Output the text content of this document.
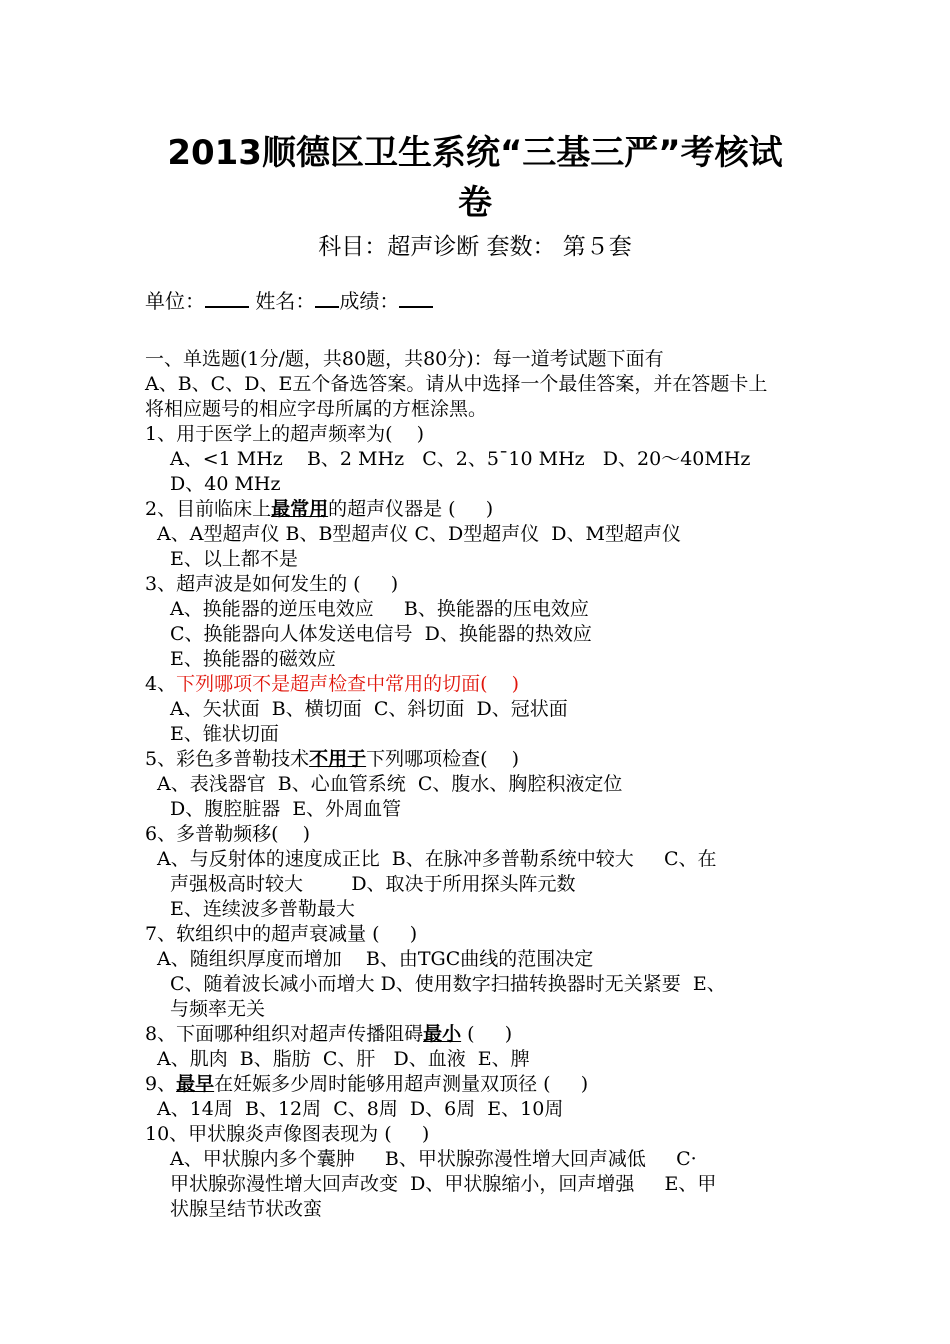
2013顺德区卫生系统“三基三严”考核试
卷
科目：超声诊断 套数： 第５套
单位：	姓名： 成绩：
一、单选题(1分/题，共80题，共80分)：每一道考试题下面有
A、B、C、D、E五个备选答案。请从中选择一个最佳答案，并在答题卡上
将相应题号的相应字母所属的方框涂黑。
1、用于医学上的超声频率为(    )
A、<1 MHz    B、2 MHz   C、2、5¯10 MHz   D、20～40MHz
D、40 MHz
2、目前临床上最常用的超声仪器是 (     )
A、A型超声仪 B、B型超声仪 C、D型超声仪  D、M型超声仪
E、以上都不是
3、超声波是如何发生的 (     )
A、换能器的逆压电效应     B、换能器的压电效应
C、换能器向人体发送电信号  D、换能器的热效应
E、换能器的磁效应
4、下列哪项不是超声检查中常用的切面(    )
A、矢状面  B、横切面  C、斜切面  D、冠状面
E、锥状切面
5、彩色多普勒技术不用于下列哪项检查(    )
A、表浅器官  B、心血管系统  C、腹水、胸腔积液定位
D、腹腔脏器  E、外周血管
6、多普勒频移(    )
A、与反射体的速度成正比  B、在脉冲多普勒系统中较大     C、在
声强极高时较大        D、取决于所用探头阵元数
E、连续波多普勒最大
7、软组织中的超声衰减量 (     )
A、随组织厚度而增加    B、由TGC曲线的范围决定
C、随着波长减小而增大 D、使用数字扫描转换器时无关紧要  E、
与频率无关
8、下面哪种组织对超声传播阻碍最小 (     )
A、肌肉  B、脂肪  C、肝   D、血液  E、脾
9、最早在妊娠多少周时能够用超声测量双顶径 (     )
A、14周  B、12周  C、8周  D、6周  E、10周
10、甲状腺炎声像图表现为 (     )
A、甲状腺内多个囊肿     B、甲状腺弥漫性增大回声减低     C·
甲状腺弥漫性增大回声改变  D、甲状腺缩小，回声增强     E、甲
状腺呈结节状改蛮
